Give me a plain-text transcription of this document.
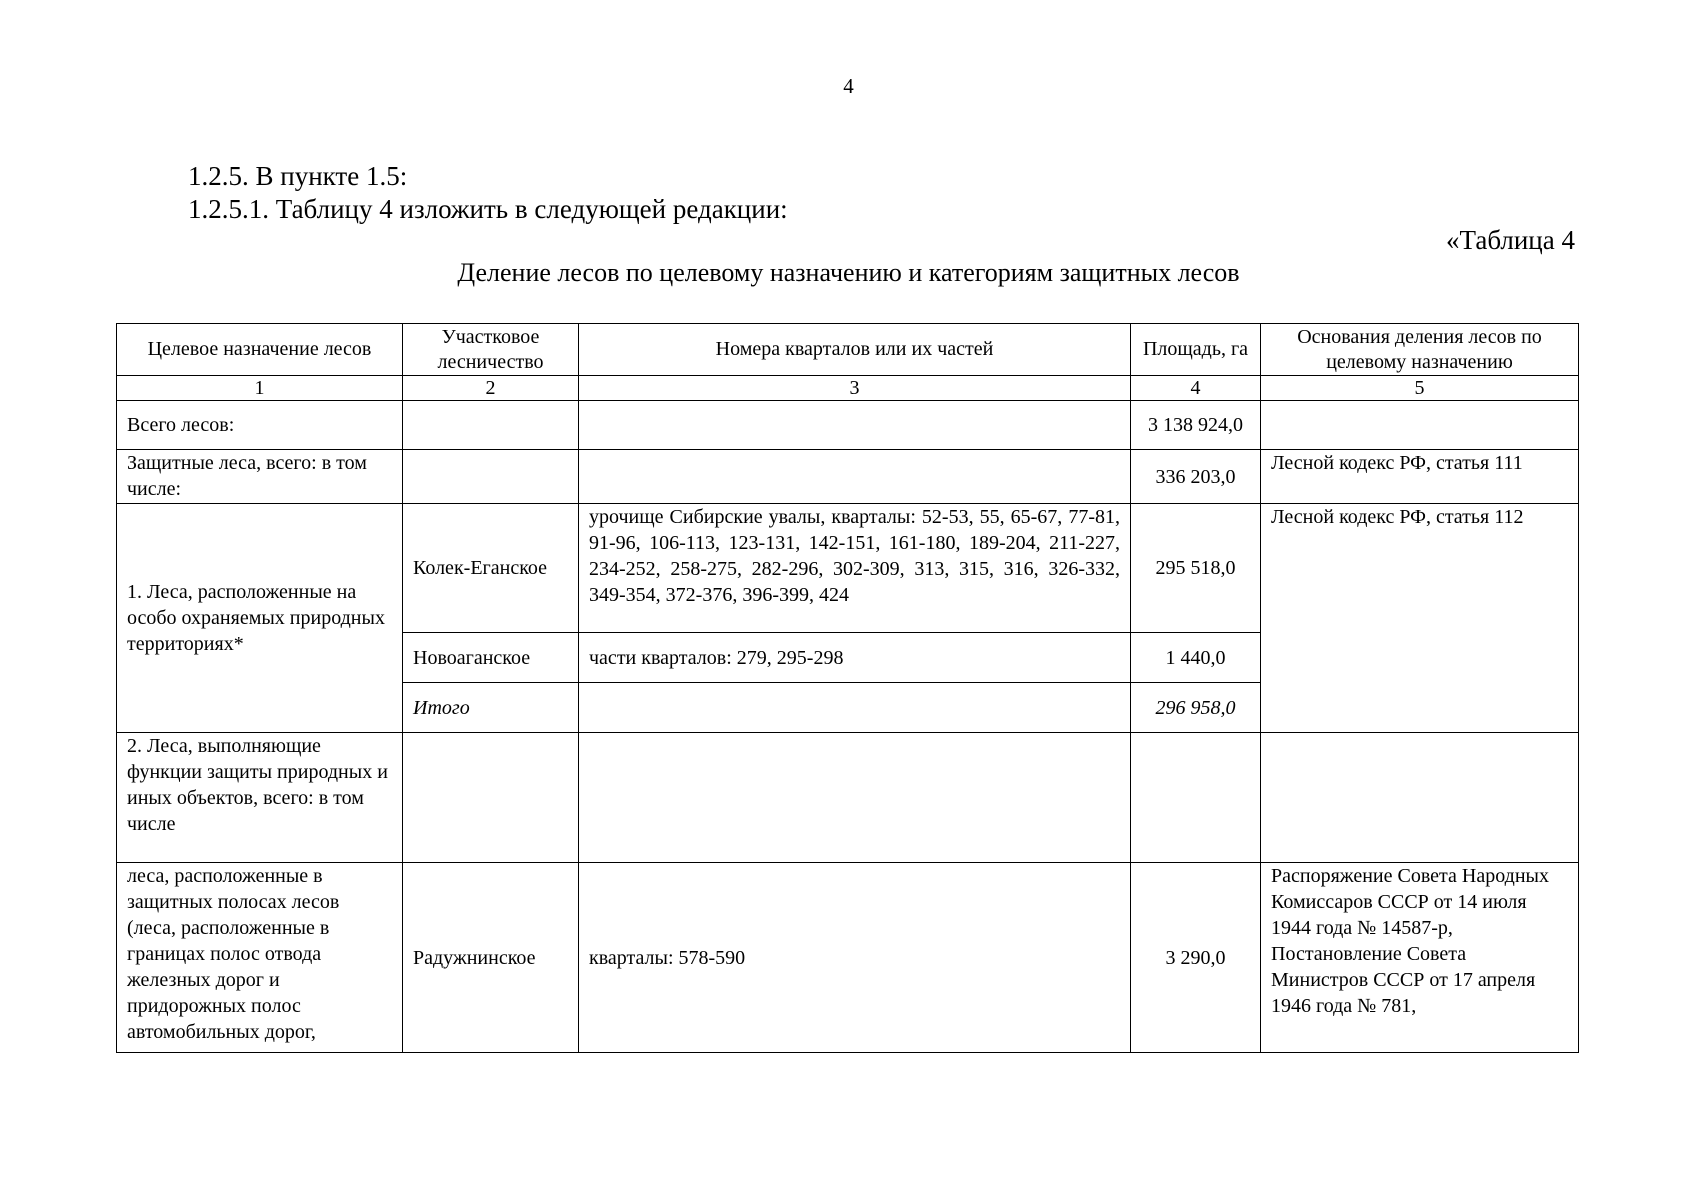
4
1.2.5. В пункте 1.5:
1.2.5.1. Таблицу 4 изложить в следующей редакции:
«Таблица 4
Деление лесов по целевому назначению и категориям защитных лесов
Целевое назначение лесов	Участковое лесничество	Номера кварталов или их частей	Площадь, га	Основания деления лесов по целевому назначению
1	2	3	4	5
Всего лесов:			3 138 924,0	
Защитные леса, всего: в том числе:			336 203,0	Лесной кодекс РФ, статья 111
1. Леса, расположенные на особо охраняемых природных территориях*	Колек-Еганское	урочище Сибирские увалы, кварталы: 52-53, 55, 65-67, 77-81, 91-96, 106-113, 123-131, 142-151, 161-180, 189-204, 211-227, 234-252, 258-275, 282-296, 302-309, 313, 315, 316, 326-332, 349-354, 372-376, 396-399, 424	295 518,0	Лесной кодекс РФ, статья 112
	Новоаганское	части кварталов: 279, 295-298	1 440,0	
	Итого		296 958,0	
2. Леса, выполняющие функции защиты природных и иных объектов, всего: в том числе				
леса, расположенные в защитных полосах лесов (леса, расположенные в границах полос отвода железных дорог и придорожных полос автомобильных дорог,	Радужнинское	кварталы: 578-590	3 290,0	Распоряжение Совета Народных Комиссаров СССР от 14 июля 1944 года № 14587-р, Постановление Совета Министров СССР от 17 апреля 1946 года № 781,
